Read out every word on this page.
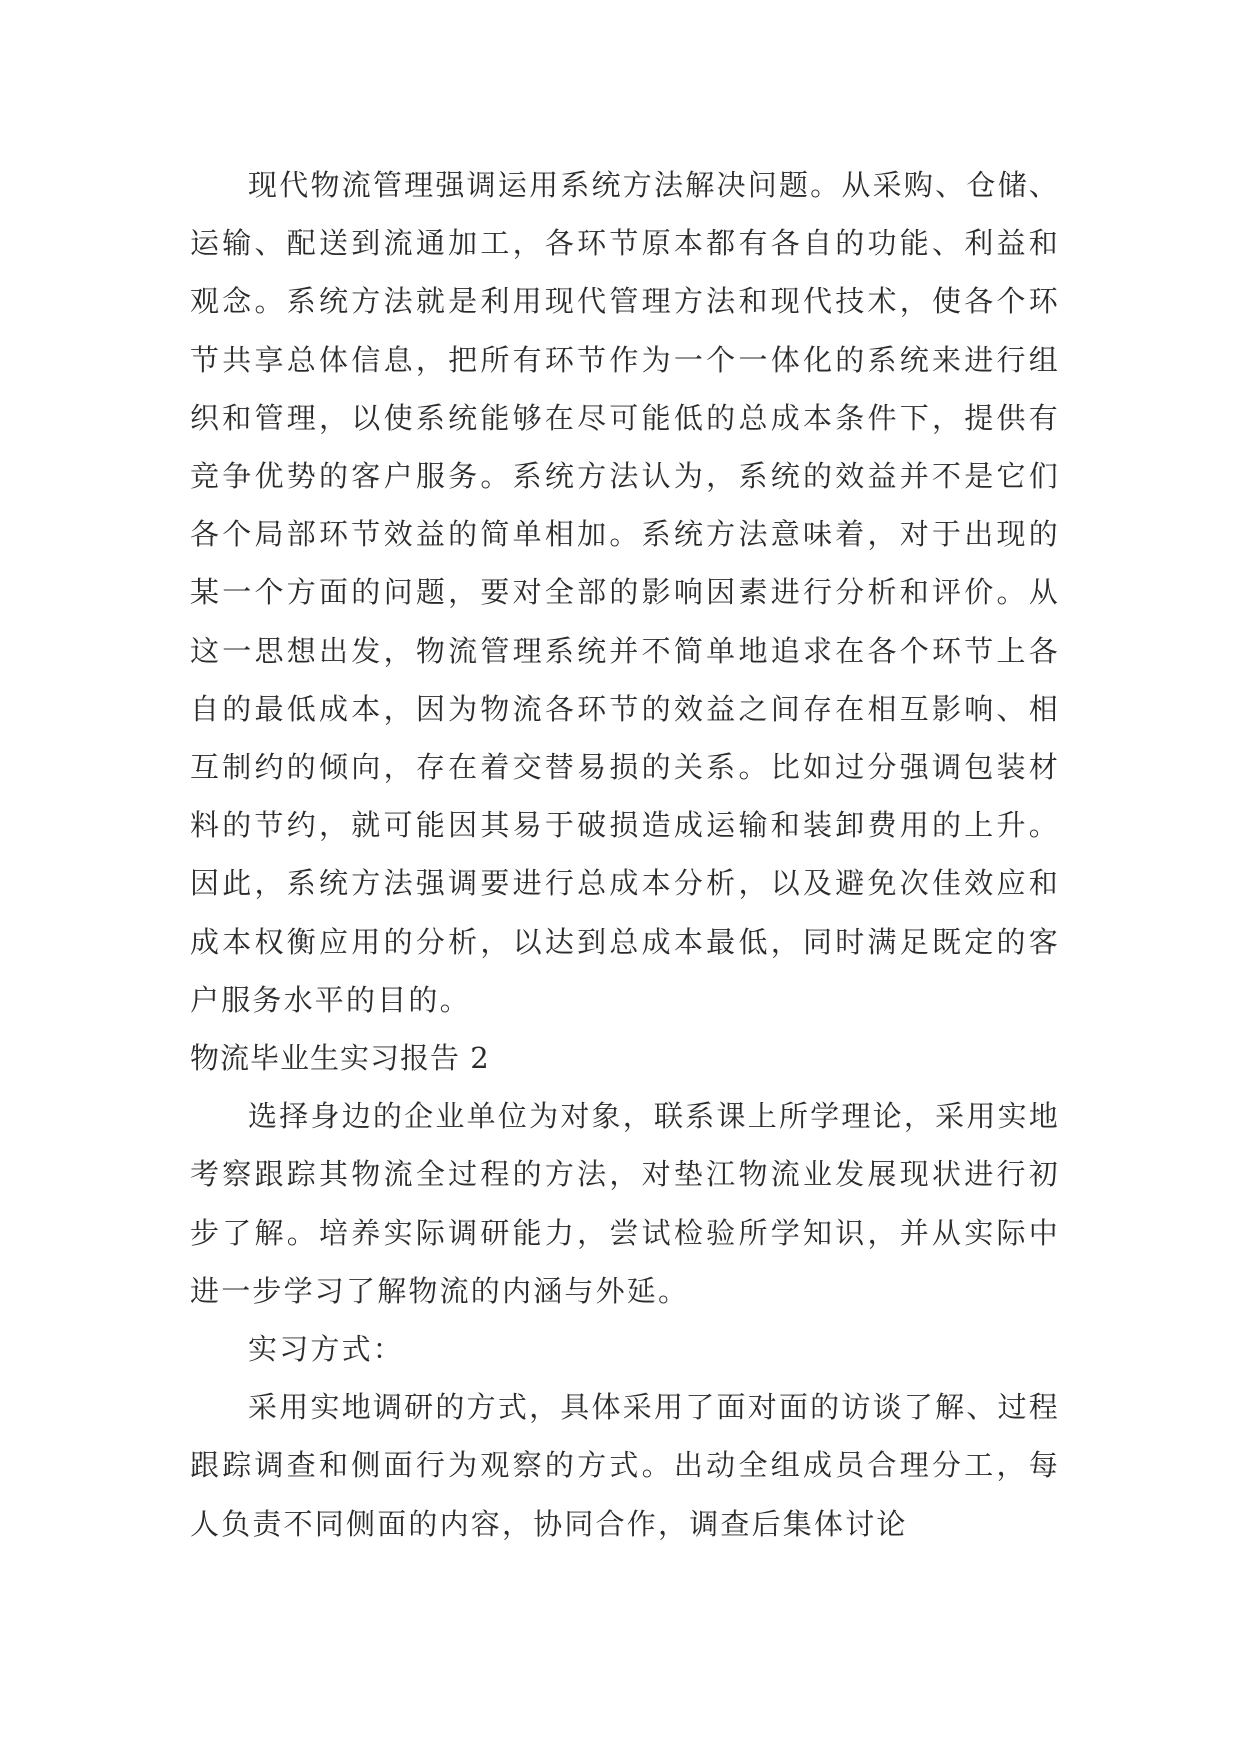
现代物流管理强调运用系统方法解决问题。从采购、仓储、运输、配送到流通加工，各环节原本都有各自的功能、利益和观念。系统方法就是利用现代管理方法和现代技术，使各个环节共享总体信息，把所有环节作为一个一体化的系统来进行组织和管理，以使系统能够在尽可能低的总成本条件下，提供有竞争优势的客户服务。系统方法认为，系统的效益并不是它们各个局部环节效益的简单相加。系统方法意味着，对于出现的某一个方面的问题，要对全部的影响因素进行分析和评价。从这一思想出发，物流管理系统并不简单地追求在各个环节上各自的最低成本，因为物流各环节的效益之间存在相互影响、相互制约的倾向，存在着交替易损的关系。比如过分强调包装材料的节约，就可能因其易于破损造成运输和装卸费用的上升。因此，系统方法强调要进行总成本分析，以及避免次佳效应和成本权衡应用的分析，以达到总成本最低，同时满足既定的客户服务水平的目的。

物流毕业生实习报告 2

选择身边的企业单位为对象，联系课上所学理论，采用实地考察跟踪其物流全过程的方法，对垫江物流业发展现状进行初步了解。培养实际调研能力，尝试检验所学知识，并从实际中进一步学习了解物流的内涵与外延。

实习方式：

采用实地调研的方式，具体采用了面对面的访谈了解、过程跟踪调查和侧面行为观察的方式。出动全组成员合理分工，每人负责不同侧面的内容，协同合作，调查后集体讨论
